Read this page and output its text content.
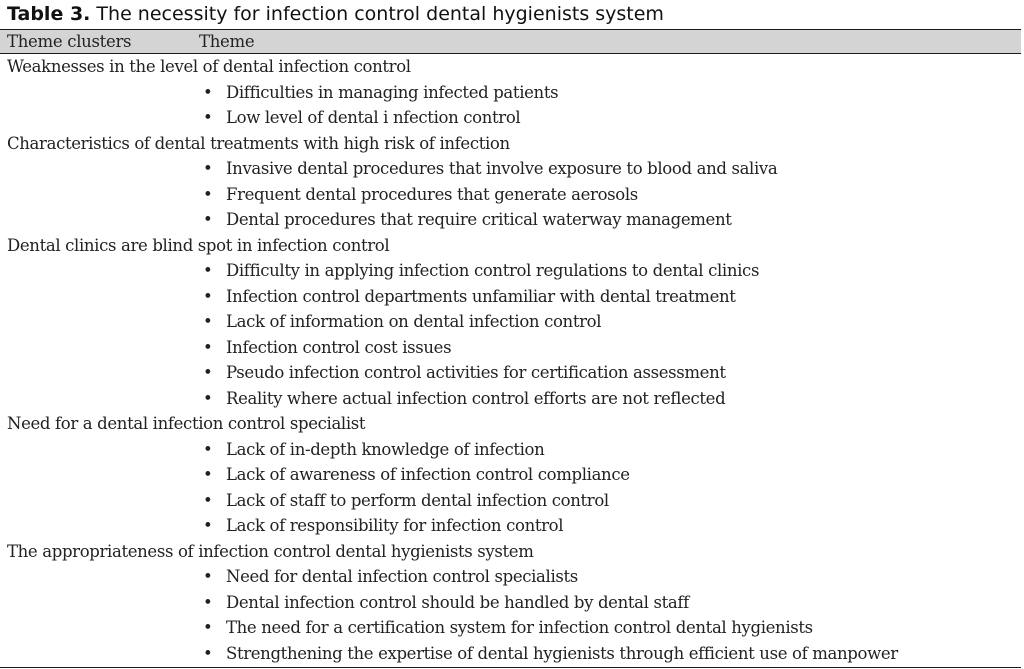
Table 3. The necessity for infection control dental hygienists system
Theme clusters	Theme
Weaknesses in the level of dental infection control
• Difficulties in managing infected patients
• Low level of dental i nfection control
Characteristics of dental treatments with high risk of infection
• Invasive dental procedures that involve exposure to blood and saliva
• Frequent dental procedures that generate aerosols
• Dental procedures that require critical waterway management
Dental clinics are blind spot in infection control
• Difficulty in applying infection control regulations to dental clinics
• Infection control departments unfamiliar with dental treatment
• Lack of information on dental infection control
• Infection control cost issues
• Pseudo infection control activities for certification assessment
• Reality where actual infection control efforts are not reflected
Need for a dental infection control specialist
• Lack of in-depth knowledge of infection
• Lack of awareness of infection control compliance
• Lack of staff to perform dental infection control
• Lack of responsibility for infection control
The appropriateness of infection control dental hygienists system
• Need for dental infection control specialists
• Dental infection control should be handled by dental staff
• The need for a certification system for infection control dental hygienists
• Strengthening the expertise of dental hygienists through efficient use of manpower
